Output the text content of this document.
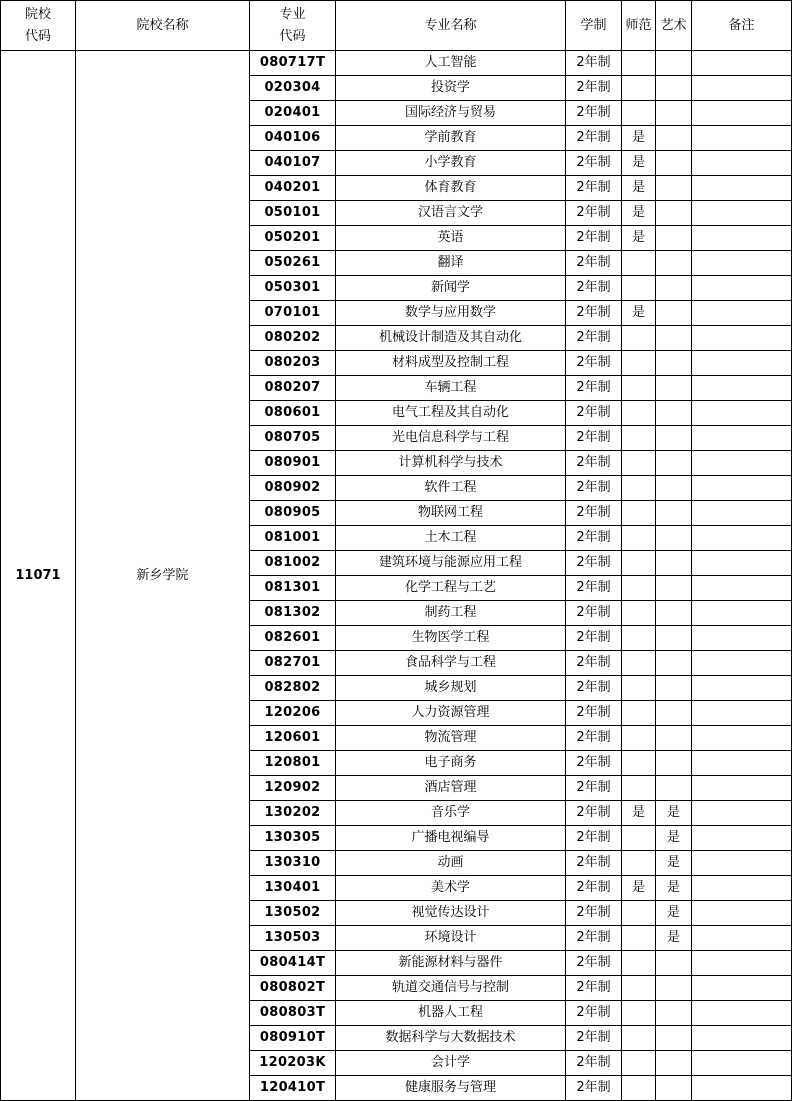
院校代码	院校名称	专业代码	专业名称	学制	师范	艺术	备注
11071	新乡学院	080717T	人工智能	2年制			
		020304	投资学	2年制			
		020401	国际经济与贸易	2年制			
		040106	学前教育	2年制	是		
		040107	小学教育	2年制	是		
		040201	体育教育	2年制	是		
		050101	汉语言文学	2年制	是		
		050201	英语	2年制	是		
		050261	翻译	2年制			
		050301	新闻学	2年制			
		070101	数学与应用数学	2年制	是		
		080202	机械设计制造及其自动化	2年制			
		080203	材料成型及控制工程	2年制			
		080207	车辆工程	2年制			
		080601	电气工程及其自动化	2年制			
		080705	光电信息科学与工程	2年制			
		080901	计算机科学与技术	2年制			
		080902	软件工程	2年制			
		080905	物联网工程	2年制			
		081001	土木工程	2年制			
		081002	建筑环境与能源应用工程	2年制			
		081301	化学工程与工艺	2年制			
		081302	制药工程	2年制			
		082601	生物医学工程	2年制			
		082701	食品科学与工程	2年制			
		082802	城乡规划	2年制			
		120206	人力资源管理	2年制			
		120601	物流管理	2年制			
		120801	电子商务	2年制			
		120902	酒店管理	2年制			
		130202	音乐学	2年制	是	是	
		130305	广播电视编导	2年制		是	
		130310	动画	2年制		是	
		130401	美术学	2年制	是	是	
		130502	视觉传达设计	2年制		是	
		130503	环境设计	2年制		是	
		080414T	新能源材料与器件	2年制			
		080802T	轨道交通信号与控制	2年制			
		080803T	机器人工程	2年制			
		080910T	数据科学与大数据技术	2年制			
		120203K	会计学	2年制			
		120410T	健康服务与管理	2年制			
